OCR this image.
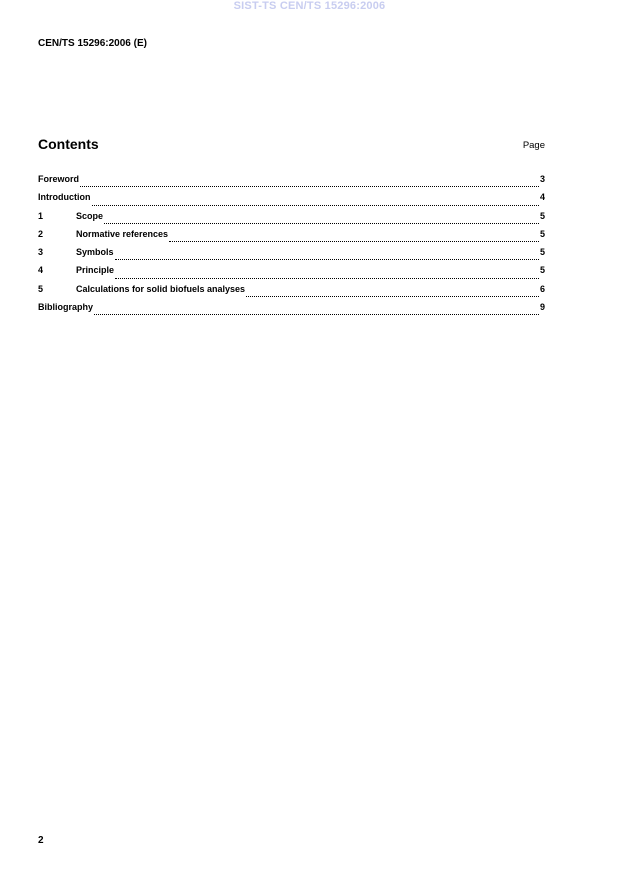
SIST-TS CEN/TS 15296:2006
CEN/TS 15296:2006 (E)
Contents	Page
Foreword	3
Introduction	4
1	Scope	5
2	Normative references	5
3	Symbols	5
4	Principle	5
5	Calculations for solid biofuels analyses	6
Bibliography	9
2
